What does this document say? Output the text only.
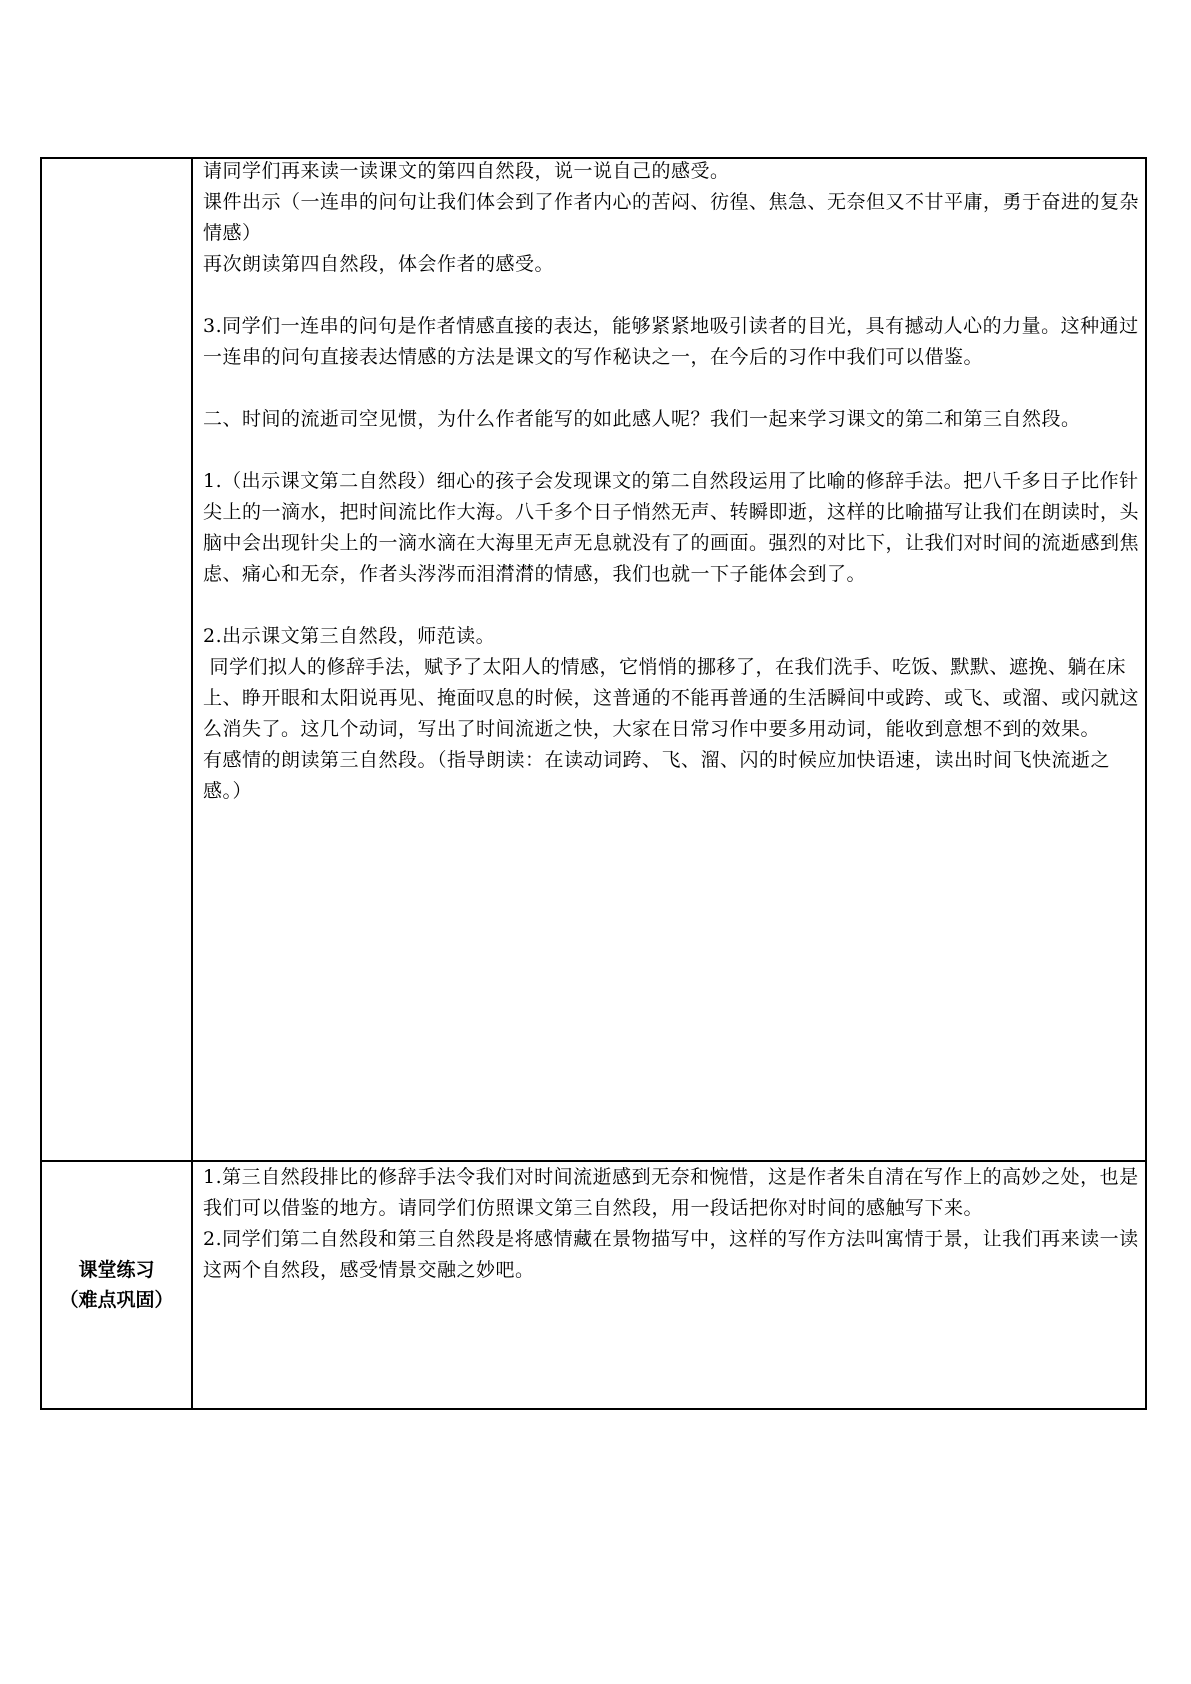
请同学们再来读一读课文的第四自然段，说一说自己的感受。

课件出示（一连串的问句让我们体会到了作者内心的苦闷、彷徨、焦急、无奈但又不甘平庸，勇于奋进的复杂情感）

再次朗读第四自然段，体会作者的感受。

3.同学们一连串的问句是作者情感直接的表达，能够紧紧地吸引读者的目光，具有撼动人心的力量。这种通过一连串的问句直接表达情感的方法是课文的写作秘诀之一，在今后的习作中我们可以借鉴。

二、时间的流逝司空见惯，为什么作者能写的如此感人呢？我们一起来学习课文的第二和第三自然段。

1.（出示课文第二自然段）细心的孩子会发现课文的第二自然段运用了比喻的修辞手法。把八千多日子比作针尖上的一滴水，把时间流比作大海。八千多个日子悄然无声、转瞬即逝，这样的比喻描写让我们在朗读时，头脑中会出现针尖上的一滴水滴在大海里无声无息就没有了的画面。强烈的对比下，让我们对时间的流逝感到焦虑、痛心和无奈，作者头涔涔而泪潸潸的情感，我们也就一下子能体会到了。

2.出示课文第三自然段，师范读。

同学们拟人的修辞手法，赋予了太阳人的情感，它悄悄的挪移了，在我们洗手、吃饭、默默、遮挽、躺在床上、睁开眼和太阳说再见、掩面叹息的时候，这普通的不能再普通的生活瞬间中或跨、或飞、或溜、或闪就这么消失了。这几个动词，写出了时间流逝之快，大家在日常习作中要多用动词，能收到意想不到的效果。

有感情的朗读第三自然段。（指导朗读：在读动词跨、飞、溜、闪的时候应加快语速，读出时间飞快流逝之感。）

课堂练习
（难点巩固）

1.第三自然段排比的修辞手法令我们对时间流逝感到无奈和惋惜，这是作者朱自清在写作上的高妙之处，也是我们可以借鉴的地方。请同学们仿照课文第三自然段，用一段话把你对时间的感触写下来。

2.同学们第二自然段和第三自然段是将感情藏在景物描写中，这样的写作方法叫寓情于景，让我们再来读一读这两个自然段，感受情景交融之妙吧。
